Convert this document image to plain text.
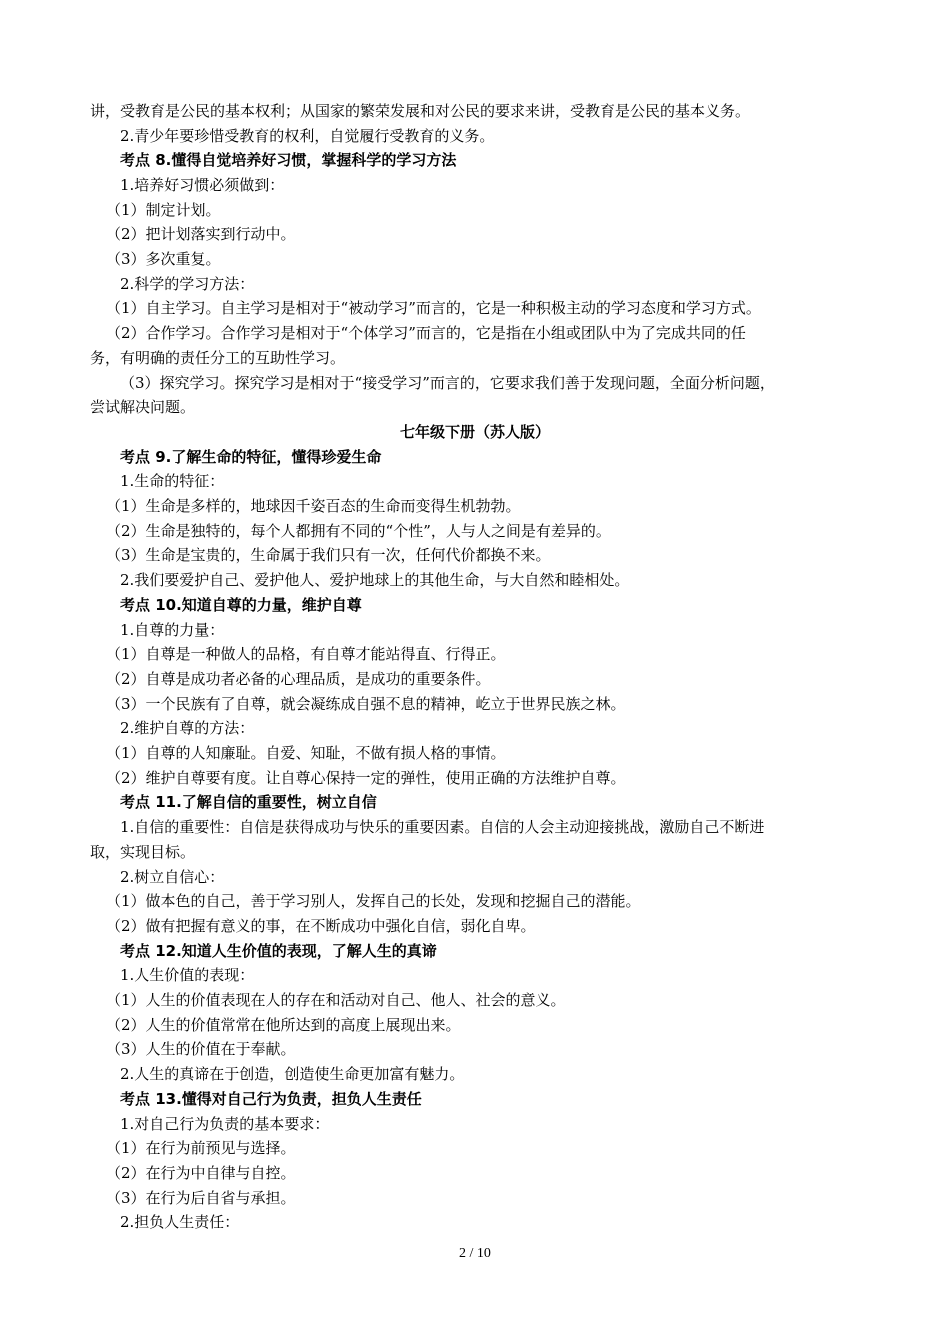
讲，受教育是公民的基本权利；从国家的繁荣发展和对公民的要求来讲，受教育是公民的基本义务。
2.青少年要珍惜受教育的权利，自觉履行受教育的义务。
考点 8.懂得自觉培养好习惯，掌握科学的学习方法
1.培养好习惯必须做到：
（1）制定计划。
（2）把计划落实到行动中。
（3）多次重复。
2.科学的学习方法：
（1）自主学习。自主学习是相对于“被动学习”而言的，它是一种积极主动的学习态度和学习方式。
（2）合作学习。合作学习是相对于“个体学习”而言的，它是指在小组或团队中为了完成共同的任
务，有明确的责任分工的互助性学习。
（3）探究学习。探究学习是相对于“接受学习”而言的，它要求我们善于发现问题，全面分析问题，
尝试解决问题。
七年级下册（苏人版）
考点 9.了解生命的特征，懂得珍爱生命
1.生命的特征：
（1）生命是多样的，地球因千姿百态的生命而变得生机勃勃。
（2）生命是独特的，每个人都拥有不同的“个性”，人与人之间是有差异的。
（3）生命是宝贵的，生命属于我们只有一次，任何代价都换不来。
2.我们要爱护自己、爱护他人、爱护地球上的其他生命，与大自然和睦相处。
考点 10.知道自尊的力量，维护自尊
1.自尊的力量：
（1）自尊是一种做人的品格，有自尊才能站得直、行得正。
（2）自尊是成功者必备的心理品质，是成功的重要条件。
（3）一个民族有了自尊，就会凝练成自强不息的精神，屹立于世界民族之林。
2.维护自尊的方法：
（1）自尊的人知廉耻。自爱、知耻，不做有损人格的事情。
（2）维护自尊要有度。让自尊心保持一定的弹性，使用正确的方法维护自尊。
考点 11.了解自信的重要性，树立自信
1.自信的重要性：自信是获得成功与快乐的重要因素。自信的人会主动迎接挑战，激励自己不断进
取，实现目标。
2.树立自信心：
（1）做本色的自己，善于学习别人，发挥自己的长处，发现和挖掘自己的潜能。
（2）做有把握有意义的事，在不断成功中强化自信，弱化自卑。
考点 12.知道人生价值的表现，了解人生的真谛
1.人生价值的表现：
（1）人生的价值表现在人的存在和活动对自己、他人、社会的意义。
（2）人生的价值常常在他所达到的高度上展现出来。
（3）人生的价值在于奉献。
2.人生的真谛在于创造，创造使生命更加富有魅力。
考点 13.懂得对自己行为负责，担负人生责任
1.对自己行为负责的基本要求：
（1）在行为前预见与选择。
（2）在行为中自律与自控。
（3）在行为后自省与承担。
2.担负人生责任：
2 / 10
